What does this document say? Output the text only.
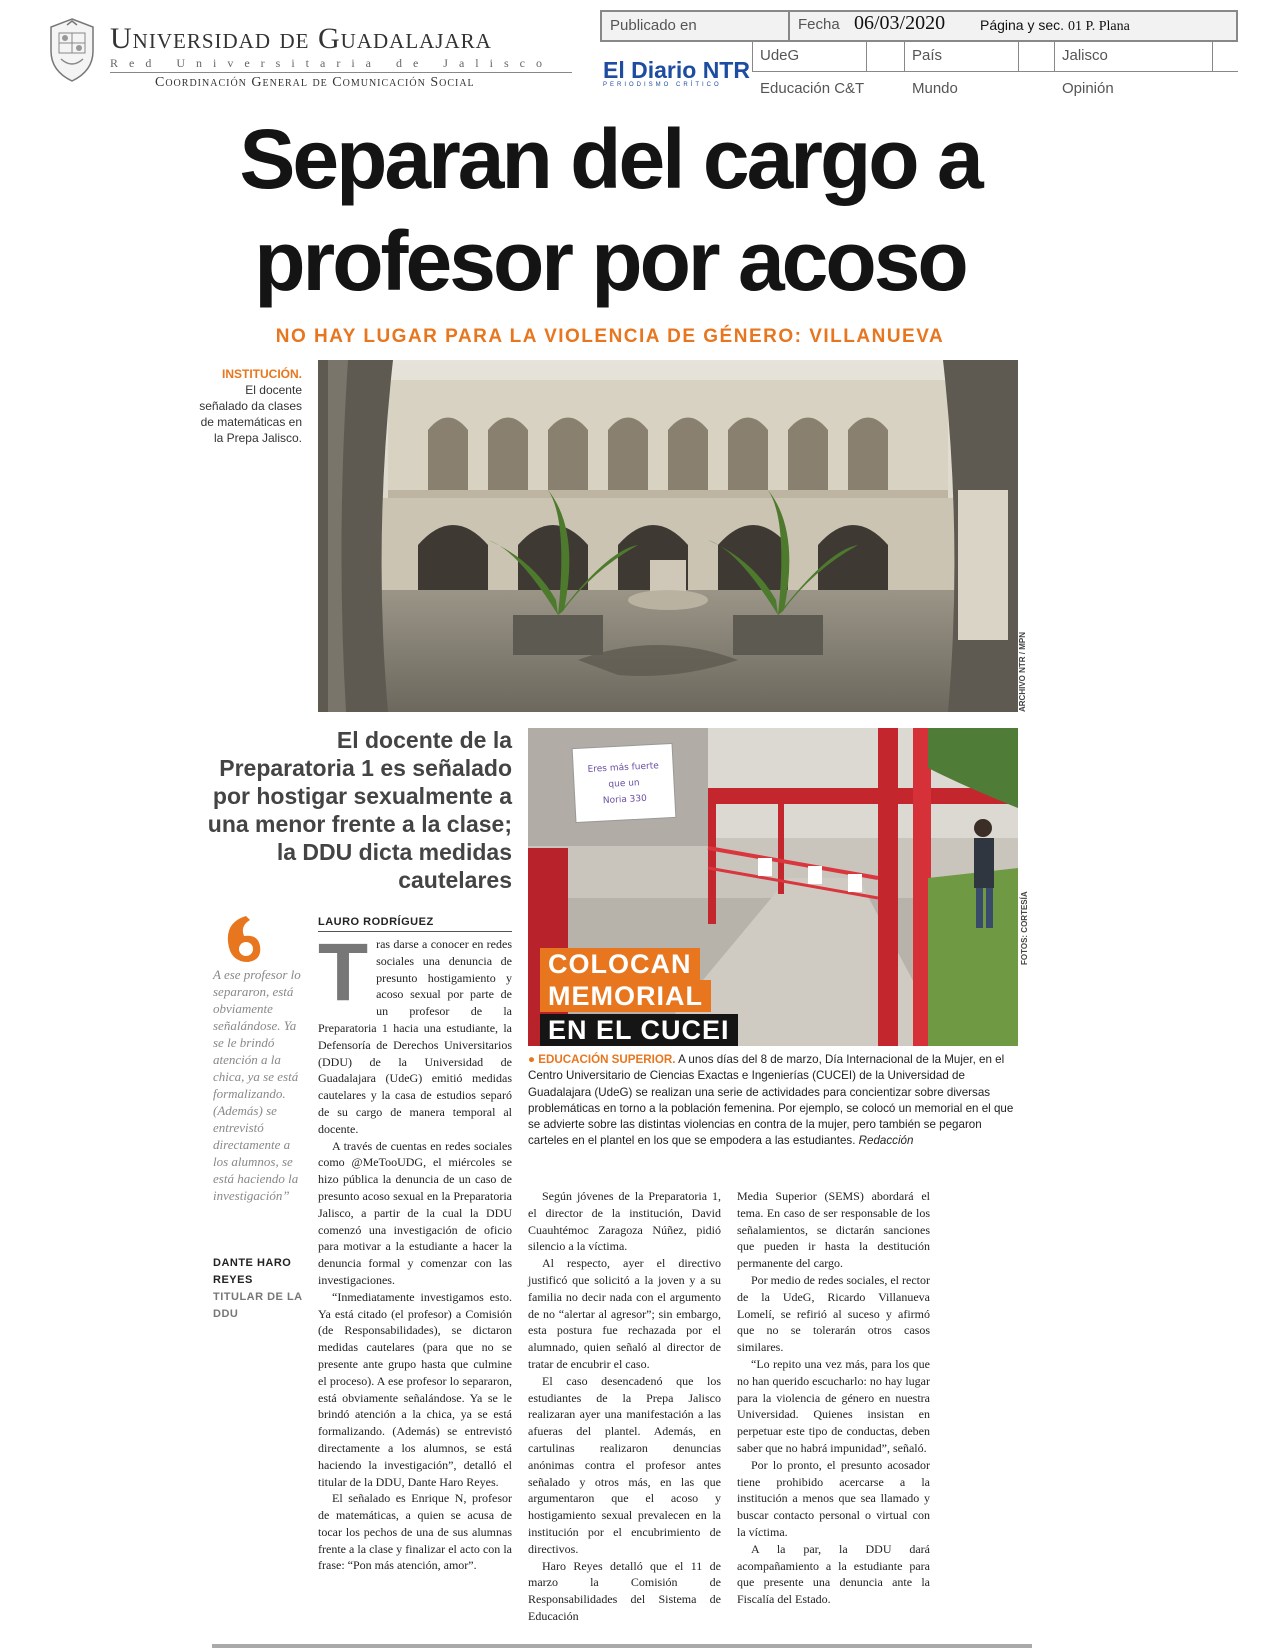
Universidad de Guadalajara
Red Universitaria de Jalisco
Coordinación General de Comunicación Social
Publicado en	Fecha 06/03/2020 Página y sec. 01 P. Plana
UdeG	País	Jalisco
Educación C&T	Mundo	Opinión
El Diario NTR
PERIODISMO CRÍTICO
Separan del cargo a
profesor por acoso
NO HAY LUGAR PARA LA VIOLENCIA DE GÉNERO: VILLANUEVA
INSTITUCIÓN.
El docente señalado da clases de matemáticas en la Prepa Jalisco.
ARCHIVO NTR / MPN
El docente de la Preparatoria 1 es señalado por hostigar sexualmente a una menor frente a la clase; la DDU dicta medidas cautelares
Eres más fuerte
que un
Noria 330
FOTOS: CORTESÍA
COLOCAN
MEMORIAL
EN EL CUCEI
● EDUCACIÓN SUPERIOR. A unos días del 8 de marzo, Día Internacional de la Mujer, en el Centro Universitario de Ciencias Exactas e Ingenierías (CUCEI) de la Universidad de Guadalajara (UdeG) se realizan una serie de actividades para concientizar sobre diversas problemáticas en torno a la población femenina. Por ejemplo, se colocó un memorial en el que se advierte sobre las distintas violencias en contra de la mujer, pero también se pegaron carteles en el plantel en los que se empodera a las estudiantes. Redacción
A ese profesor lo separaron, está obviamente señalándose. Ya se le brindó atención a la chica, ya se está formalizando. (Además) se entrevistó directamente a los alumnos, se está haciendo la investigación”
DANTE HARO REYES
TITULAR DE LA DDU
LAURO RODRÍGUEZ
T ras darse a conocer en redes sociales una denuncia de presunto hostigamiento y acoso sexual por parte de un profesor de la Preparatoria 1 hacia una estudiante, la Defensoría de Derechos Universitarios (DDU) de la Universidad de Guadalajara (UdeG) emitió medidas cautelares y la casa de estudios separó de su cargo de manera temporal al docente.

A través de cuentas en redes sociales como @MeTooUDG, el miércoles se hizo pública la denuncia de un caso de presunto acoso sexual en la Preparatoria Jalisco, a partir de la cual la DDU comenzó una investigación de oficio para motivar a la estudiante a hacer la denuncia formal y comenzar con las investigaciones.

“Inmediatamente investigamos esto. Ya está citado (el profesor) a Comisión (de Responsabilidades), se dictaron medidas cautelares (para que no se presente ante grupo hasta que culmine el proceso). A ese profesor lo separaron, está obviamente señalándose. Ya se le brindó atención a la chica, ya se está formalizando. (Además) se entrevistó directamente a los alumnos, se está haciendo la investigación”, detalló el titular de la DDU, Dante Haro Reyes.

El señalado es Enrique N, profesor de matemáticas, a quien se acusa de tocar los pechos de una de sus alumnas frente a la clase y finalizar el acto con la frase: “Pon más atención, amor”.

Según jóvenes de la Preparatoria 1, el director de la institución, David Cuauhtémoc Zaragoza Núñez, pidió silencio a la víctima.

Al respecto, ayer el directivo justificó que solicitó a la joven y a su familia no decir nada con el argumento de no “alertar al agresor”; sin embargo, esta postura fue rechazada por el alumnado, quien señaló al director de tratar de encubrir el caso.

El caso desencadenó que los estudiantes de la Prepa Jalisco realizaran ayer una manifestación a las afueras del plantel. Además, en cartulinas realizaron denuncias anónimas contra el profesor antes señalado y otros más, en las que argumentaron que el acoso y hostigamiento sexual prevalecen en la institución por el encubrimiento de directivos.

Haro Reyes detalló que el 11 de marzo la Comisión de Responsabilidades del Sistema de Educación

Media Superior (SEMS) abordará el tema. En caso de ser responsable de los señalamientos, se dictarán sanciones que pueden ir hasta la destitución permanente del cargo.

Por medio de redes sociales, el rector de la UdeG, Ricardo Villanueva Lomelí, se refirió al suceso y afirmó que no se tolerarán otros casos similares.

“Lo repito una vez más, para los que no han querido escucharlo: no hay lugar para la violencia de género en nuestra Universidad. Quienes insistan en perpetuar este tipo de conductas, deben saber que no habrá impunidad”, señaló.

Por lo pronto, el presunto acosador tiene prohibido acercarse a la institución a menos que sea llamado y buscar contacto personal o virtual con la víctima.

A la par, la DDU dará acompañamiento a la estudiante para que presente una denuncia ante la Fiscalía del Estado.
